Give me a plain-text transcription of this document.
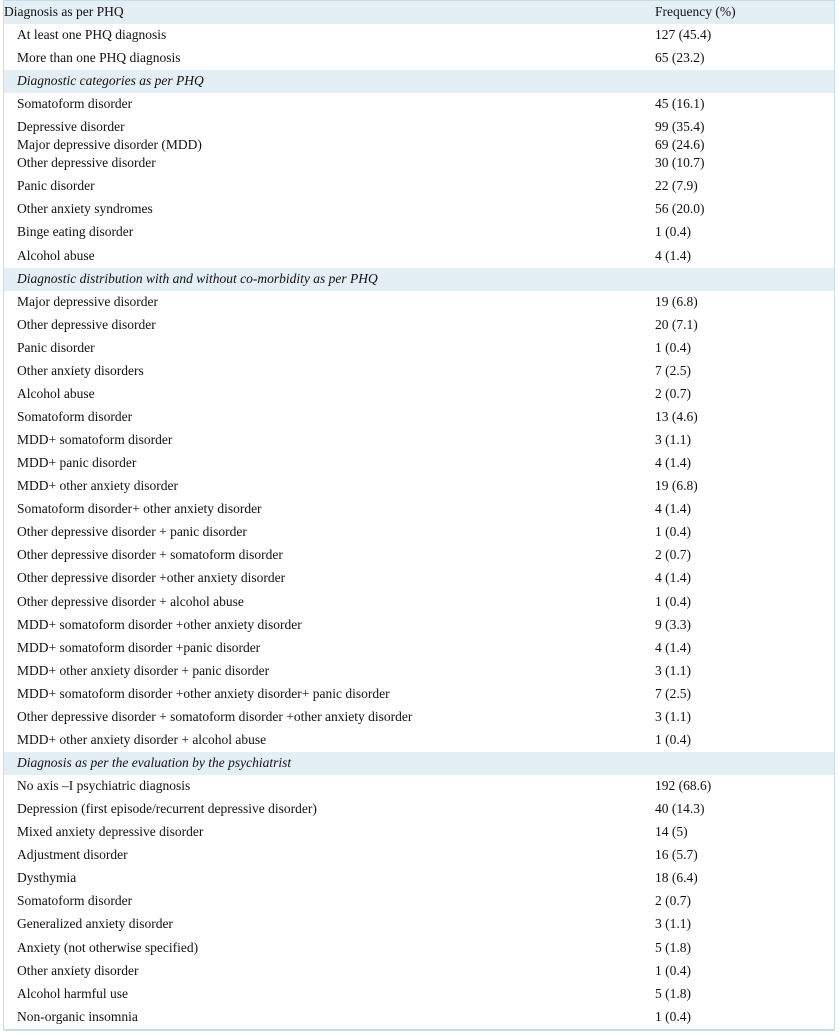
Diagnosis as per PHQ	Frequency (%)
At least one PHQ diagnosis	127 (45.4)
More than one PHQ diagnosis	65 (23.2)
Diagnostic categories as per PHQ
Somatoform disorder	45 (16.1)
Depressive disorder	99 (35.4)
Major depressive disorder (MDD)	69 (24.6)
Other depressive disorder	30 (10.7)
Panic disorder	22 (7.9)
Other anxiety syndromes	56 (20.0)
Binge eating disorder	1 (0.4)
Alcohol abuse	4 (1.4)
Diagnostic distribution with and without co-morbidity as per PHQ
Major depressive disorder	19 (6.8)
Other depressive disorder	20 (7.1)
Panic disorder	1 (0.4)
Other anxiety disorders	7 (2.5)
Alcohol abuse	2 (0.7)
Somatoform disorder	13 (4.6)
MDD+ somatoform disorder	3 (1.1)
MDD+ panic disorder	4 (1.4)
MDD+ other anxiety disorder	19 (6.8)
Somatoform disorder+ other anxiety disorder	4 (1.4)
Other depressive disorder + panic disorder	1 (0.4)
Other depressive disorder + somatoform disorder	2 (0.7)
Other depressive disorder +other anxiety disorder	4 (1.4)
Other depressive disorder + alcohol abuse	1 (0.4)
MDD+ somatoform disorder +other anxiety disorder	9 (3.3)
MDD+ somatoform disorder +panic disorder	4 (1.4)
MDD+ other anxiety disorder + panic disorder	3 (1.1)
MDD+ somatoform disorder +other anxiety disorder+ panic disorder	7 (2.5)
Other depressive disorder + somatoform disorder +other anxiety disorder	3 (1.1)
MDD+ other anxiety disorder + alcohol abuse	1 (0.4)
Diagnosis as per the evaluation by the psychiatrist
No axis –I psychiatric diagnosis	192 (68.6)
Depression (first episode/recurrent depressive disorder)	40 (14.3)
Mixed anxiety depressive disorder	14 (5)
Adjustment disorder	16 (5.7)
Dysthymia	18 (6.4)
Somatoform disorder	2 (0.7)
Generalized anxiety disorder	3 (1.1)
Anxiety (not otherwise specified)	5 (1.8)
Other anxiety disorder	1 (0.4)
Alcohol harmful use	5 (1.8)
Non-organic insomnia	1 (0.4)
